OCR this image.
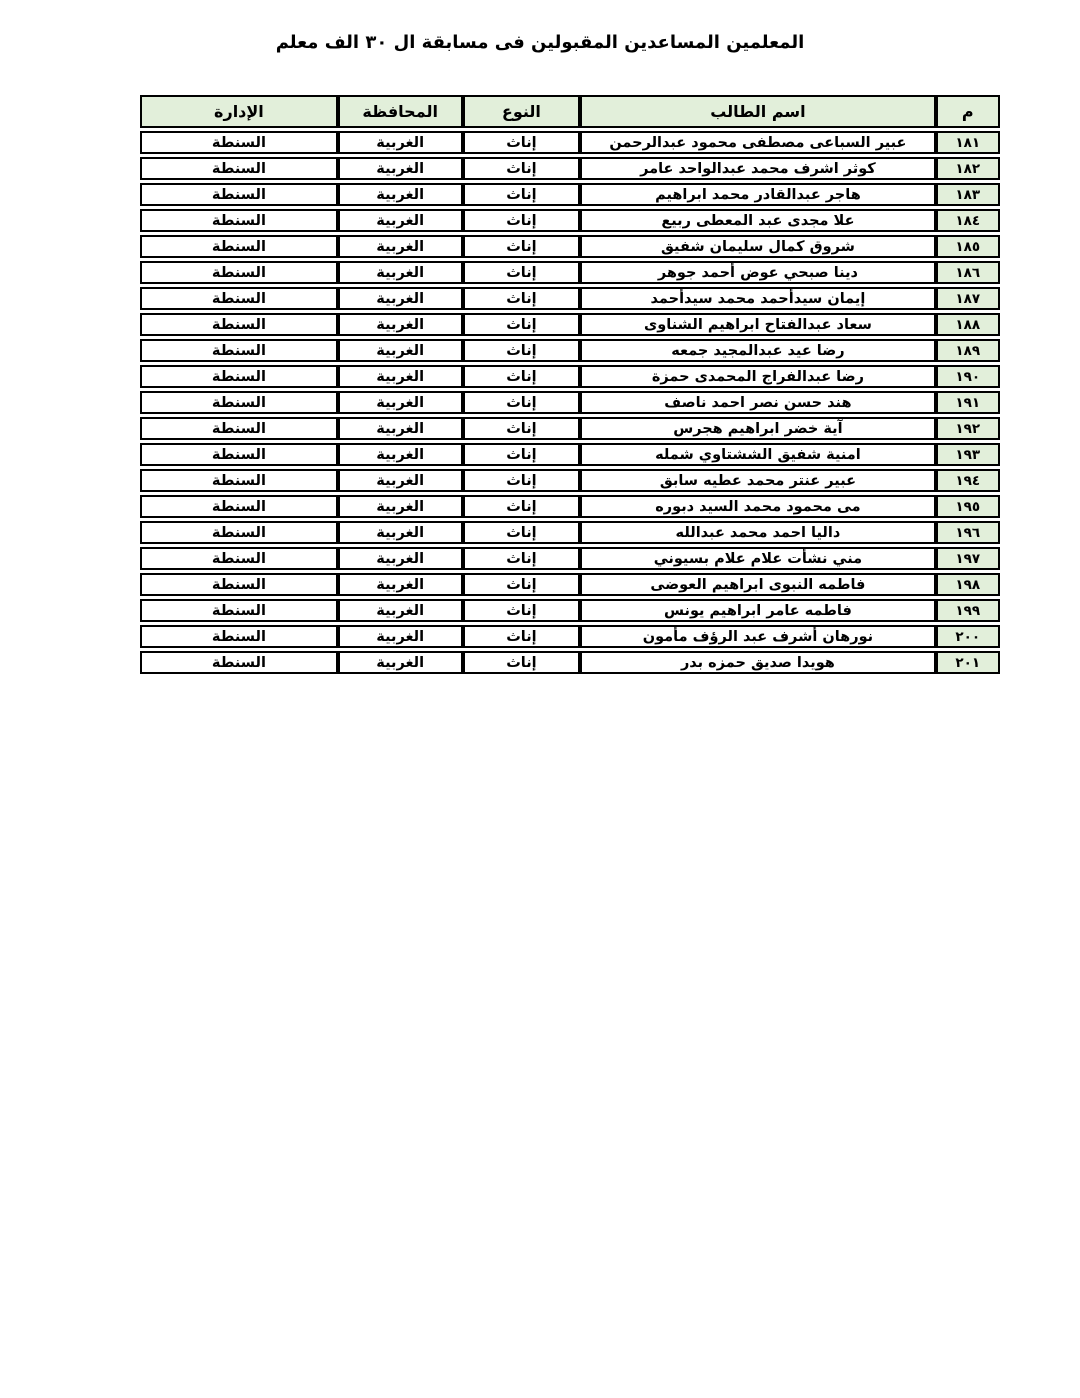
المعلمين المساعدين المقبولين فى مسابقة ال ٣٠ الف معلم
م	اسم الطالب	النوع	المحافظة	الإدارة
١٨١	عبير السباعى مصطفى محمود عبدالرحمن	إناث	الغربية	السنطة
١٨٢	كوثر اشرف محمد عبدالواحد عامر	إناث	الغربية	السنطة
١٨٣	هاجر عبدالقادر محمد ابراهيم	إناث	الغربية	السنطة
١٨٤	علا مجدى عبد المعطى ربيع	إناث	الغربية	السنطة
١٨٥	شروق كمال سليمان شفيق	إناث	الغربية	السنطة
١٨٦	دينا صبحي عوض أحمد جوهر	إناث	الغربية	السنطة
١٨٧	إيمان سيدأحمد محمد سيدأحمد	إناث	الغربية	السنطة
١٨٨	سعاد عبدالفتاح ابراهيم الشناوى	إناث	الغربية	السنطة
١٨٩	رضا عيد عبدالمجيد جمعه	إناث	الغربية	السنطة
١٩٠	رضا عبدالفراج المحمدى حمزة	إناث	الغربية	السنطة
١٩١	هند حسن نصر احمد ناصف	إناث	الغربية	السنطة
١٩٢	آية خضر ابراهيم هجرس	إناث	الغربية	السنطة
١٩٣	امنية شفيق الششتاوي شمله	إناث	الغربية	السنطة
١٩٤	عبير عنتر محمد عطيه سابق	إناث	الغربية	السنطة
١٩٥	مى محمود محمد السيد دبوره	إناث	الغربية	السنطة
١٩٦	داليا احمد محمد عبدالله	إناث	الغربية	السنطة
١٩٧	مني نشأت علام علام بسيوني	إناث	الغربية	السنطة
١٩٨	فاطمه النبوى ابراهيم العوضى	إناث	الغربية	السنطة
١٩٩	فاطمه عامر ابراهيم يونس	إناث	الغربية	السنطة
٢٠٠	نورهان أشرف عبد الرؤف مأمون	إناث	الغربية	السنطة
٢٠١	هويدا صديق حمزه بدر	إناث	الغربية	السنطة
